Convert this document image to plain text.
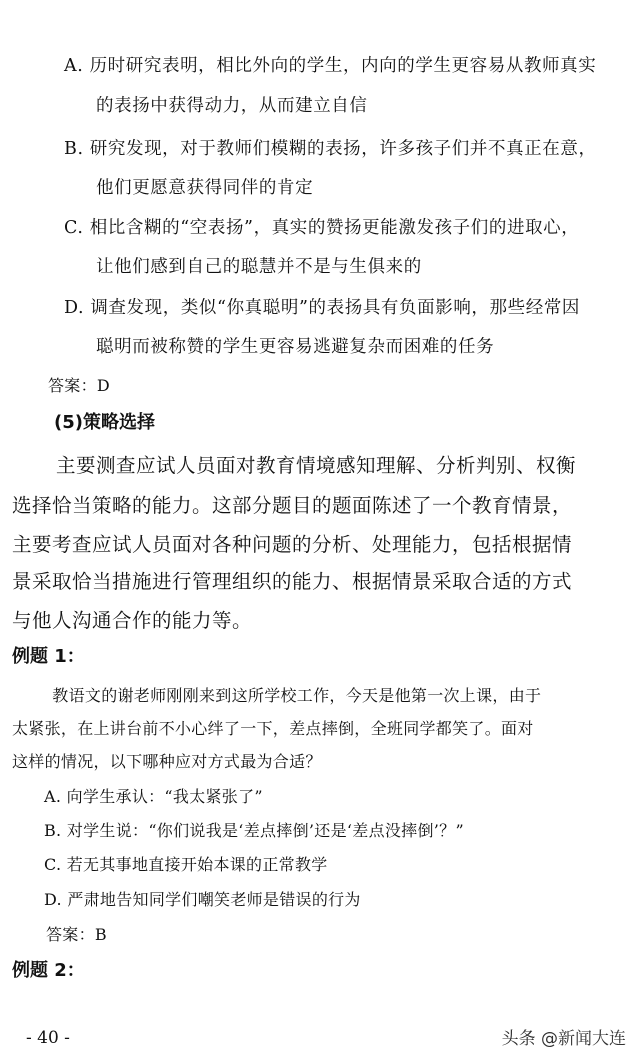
A. 历时研究表明，相比外向的学生，内向的学生更容易从教师真实
的表扬中获得动力，从而建立自信
B. 研究发现，对于教师们模糊的表扬，许多孩子们并不真正在意，
他们更愿意获得同伴的肯定
C. 相比含糊的“空表扬”，真实的赞扬更能激发孩子们的进取心，
让他们感到自己的聪慧并不是与生俱来的
D. 调查发现，类似“你真聪明”的表扬具有负面影响，那些经常因
聪明而被称赞的学生更容易逃避复杂而困难的任务
答案：D
(5)策略选择
　主要测查应试人员面对教育情境感知理解、分析判别、权衡
选择恰当策略的能力。这部分题目的题面陈述了一个教育情景，
主要考查应试人员面对各种问题的分析、处理能力，包括根据情
景采取恰当措施进行管理组织的能力、根据情景采取合适的方式
与他人沟通合作的能力等。
例题 1：
　教语文的谢老师刚刚来到这所学校工作，今天是他第一次上课，由于
太紧张，在上讲台前不小心绊了一下，差点摔倒，全班同学都笑了。面对
这样的情况，以下哪种应对方式最为合适？
A. 向学生承认：“我太紧张了”
B. 对学生说：“你们说我是‘差点摔倒’还是‘差点没摔倒’？”
C. 若无其事地直接开始本课的正常教学
D. 严肃地告知同学们嘲笑老师是错误的行为
答案：B
例题 2：
- 40 -	头条 @新闻大连
